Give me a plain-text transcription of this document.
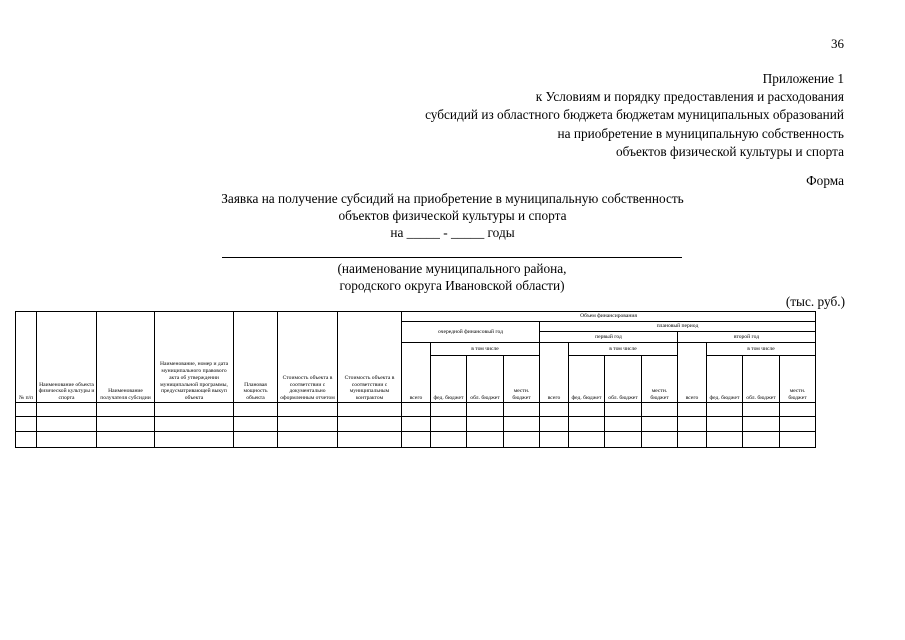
36
Приложение 1
к Условиям и порядку предоставления и расходования
субсидий из областного бюджета бюджетам муниципальных образований
на приобретение в муниципальную собственность
объектов физической культуры и спорта
Форма
Заявка на получение субсидий на приобретение в муниципальную собственность
объектов физической культуры и спорта
на _____ - _____ годы
(наименование муниципального района,
городского округа Ивановской области)
(тыс. руб.)
№ п/п	Наименование объекта физической культуры и спорта	Наименование получателя субсидии	Наименование, номер и дата муниципального правового акта об утверждении муниципальной программы, предусматривающей выкуп объекта	Плановая мощность объекта	Стоимость объекта в соответствии с документально оформленным отчетом	Стоимость объекта в соответствии с муниципальным контрактом	Объем финансирования											
							очередной финансовый год				плановый период							
											первый год				второй год			
							всего	в том числе			всего	в том числе			всего	в том числе		
								фед. бюджет	обл. бюджет	местн. бюджет		фед. бюджет	обл. бюджет	местн. бюджет		фед. бюджет	обл. бюджет	местн. бюджет
